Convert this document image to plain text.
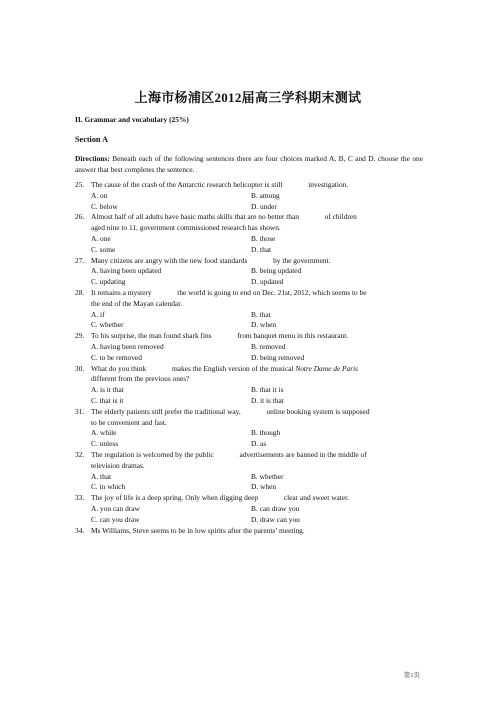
上海市杨浦区2012届高三学科期末测试
II. Grammar and vocabulary (25%)
Section A
Directions: Beneath each of the following sentences there are four choices marked A, B, C and D. choose the one answer that best completes the sentence.
25. The cause of the crash of the Antarctic research helicopter is still	investigation.
A. on	B. among
C. below	D. under
26. Almost half of all adults have basic maths skills that are no better than	of children
aged nine to 11, government commissioned research has shown.
A. one	B. those
C. some	D. that
27. Many citizens are angry with the new food standards	by the government.
A. having been updated	B. being updated
C. updating	D. updated
28. It remains a mystery	the world is going to end on Dec. 21st, 2012, which seems to be
the end of the Mayan calendar.
A. if	B. that
C. whether	D. when
29. To his surprise, the man found shark fins	from banquet menu in this restaurant.
A. having been removed	B. removed
C. to be removed	D. being removed
30. What do you think	makes the English version of the musical Notre Dame de Paris
different from the previous ones?
A. is it that	B. that it is
C. that is it	D. it is that
31. The elderly patients still prefer the traditional way,	online booking system is supposed
to be convenient and fast.
A. while	B. though
C. unless	D. as
32. The regulation is welcomed by the public	advertisements are banned in the middle of
television dramas.
A. that	B. whether
C. in which	D. when
33. The joy of life is a deep spring. Only when digging deep	clear and sweet water.
A. you can draw	B. can draw you
C. can you draw	D. draw can you
34. Ms Williams, Steve seems to be in low spirits after the parents’ meeting.
第1页
